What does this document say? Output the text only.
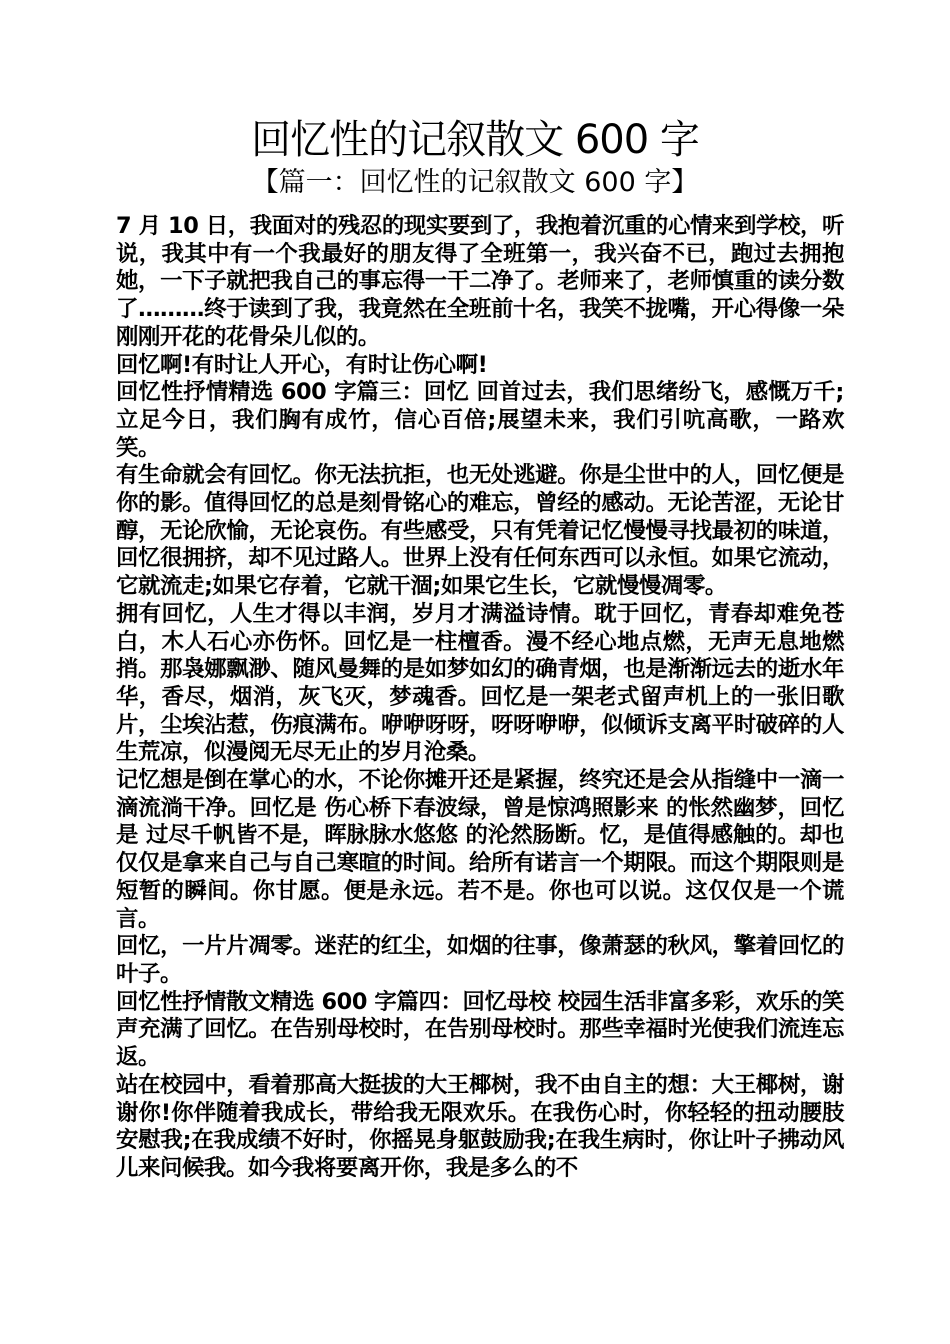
回忆性的记叙散文 600 字
【篇一：回忆性的记叙散文 600 字】

7 月 10 日，我面对的残忍的现实要到了，我抱着沉重的心情来到学校，听说，我其中有一个我最好的朋友得了全班第一，我兴奋不已，跑过去拥抱她，一下子就把我自己的事忘得一干二净了。老师来了，老师慎重的读分数了………终于读到了我，我竟然在全班前十名，我笑不拢嘴，开心得像一朵刚刚开花的花骨朵儿似的。

回忆啊!有时让人开心，有时让伤心啊!

回忆性抒情精选 600 字篇三：回忆 回首过去，我们思绪纷飞，感慨万千;立足今日，我们胸有成竹，信心百倍;展望未来，我们引吭高歌，一路欢笑。

有生命就会有回忆。你无法抗拒，也无处逃避。你是尘世中的人，回忆便是你的影。值得回忆的总是刻骨铭心的难忘，曾经的感动。无论苦涩，无论甘醇，无论欣愉，无论哀伤。有些感受，只有凭着记忆慢慢寻找最初的味道，回忆很拥挤，却不见过路人。世界上没有任何东西可以永恒。如果它流动，它就流走;如果它存着，它就干涸;如果它生长，它就慢慢凋零。

拥有回忆，人生才得以丰润，岁月才满溢诗情。耽于回忆，青春却难免苍白，木人石心亦伤怀。回忆是一柱檀香。漫不经心地点燃，无声无息地燃捎。那袅娜飘渺、随风曼舞的是如梦如幻的确青烟，也是渐渐远去的逝水年华，香尽，烟消，灰飞灭，梦魂香。回忆是一架老式留声机上的一张旧歌片，尘埃沾惹，伤痕满布。咿咿呀呀，呀呀咿咿，似倾诉支离平时破碎的人生荒凉，似漫阅无尽无止的岁月沧桑。

记忆想是倒在掌心的水，不论你摊开还是紧握，终究还是会从指缝中一滴一滴流淌干净。回忆是 伤心桥下春波绿，曾是惊鸿照影来 的怅然幽梦，回忆是 过尽千帆皆不是，晖脉脉水悠悠 的沦然肠断。忆，是值得感触的。却也仅仅是拿来自己与自己寒暄的时间。给所有诺言一个期限。而这个期限则是短暂的瞬间。你甘愿。便是永远。若不是。你也可以说。这仅仅是一个谎言。

回忆，一片片凋零。迷茫的红尘，如烟的往事，像萧瑟的秋风，擎着回忆的叶子。

回忆性抒情散文精选 600 字篇四：回忆母校 校园生活非富多彩，欢乐的笑声充满了回忆。在告别母校时，在告别母校时。那些幸福时光使我们流连忘返。

站在校园中，看着那高大挺拔的大王椰树，我不由自主的想：大王椰树，谢谢你!你伴随着我成长，带给我无限欢乐。在我伤心时，你轻轻的扭动腰肢安慰我;在我成绩不好时，你摇晃身躯鼓励我;在我生病时，你让叶子拂动风儿来问候我。如今我将要离开你，我是多么的不
